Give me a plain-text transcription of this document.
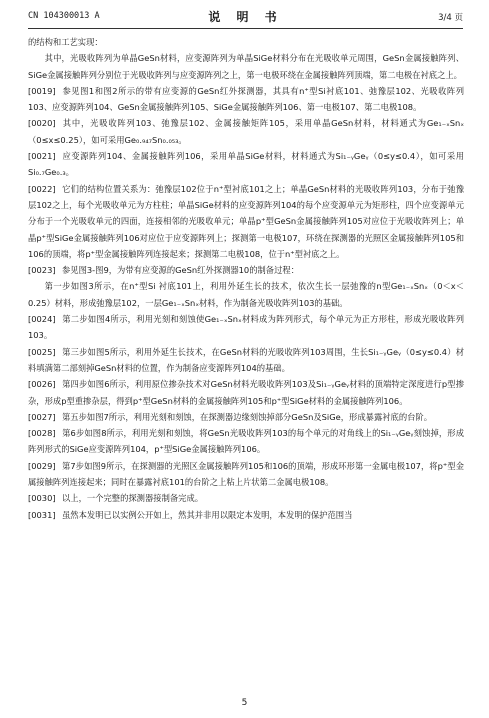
CN 104300013 A	说 明 书	3/4 页

的结构和工艺实现：

其中，光吸收阵列为单晶GeSn材料，应变源阵列为单晶SiGe材料分布在光吸收单元周围，GeSn金属接触阵列、SiGe金属接触阵列分别位于光吸收阵列与应变源阵列之上，第一电极环绕在金属接触阵列顶端，第二电极在衬底之上。

[0019] 参见图1和图2所示的带有应变源的GeSn红外探测器，其具有n⁺型Si衬底101、弛豫层102、光吸收阵列103、应变源阵列104、GeSn金属接触阵列105、SiGe金属接触阵列106、第一电极107、第二电极108。

[0020] 其中，光吸收阵列103、弛豫层102、金属接触矩阵105，采用单晶GeSn材料，材料通式为Ge₁₋ₓSnₓ（0≤x≤0.25），如可采用Ge₀.₉₄₇Sn₀.₀₅₃。

[0021] 应变源阵列104、金属接触阵列106，采用单晶SiGe材料，材料通式为Si₁₋ᵧGeᵧ（0≤y≤0.4），如可采用Si₀.₇Ge₀.₃。

[0022] 它们的结构位置关系为：弛豫层102位于n⁺型衬底101之上；单晶GeSn材料的光吸收阵列103，分布于弛豫层102之上，每个光吸收单元为方柱柱；单晶SiGe材料的应变源阵列104的每个应变源单元为矩形柱，四个应变源单元分布于一个光吸收单元的四面，连接相邻的光吸收单元；单晶p⁺型GeSn金属接触阵列105对应位于光吸收阵列上；单晶p⁺型SiGe金属接触阵列106对应位于应变源阵列上；探测第一电极107，环绕在探测器的光照区金属接触阵列105和106的顶端，将p⁺型金属接触阵列连接起来；探测第二电极108，位于n⁺型衬底之上。

[0023] 参见图3-图9，为带有应变源的GeSn红外探测器10的制备过程：

第一步如图3所示，在n⁺型Si 衬底101上，利用外延生长的技术，依次生长一层弛豫的n型Ge₁₋ₓSnₓ（0＜x＜0.25）材料，形成弛豫层102，一层Ge₁₋ₓSnₓ材料，作为制备光吸收阵列103的基础。

[0024] 第二步如图4所示，利用光刻和刻蚀使Ge₁₋ₓSnₓ材料成为阵列形式，每个单元为正方形柱，形成光吸收阵列103。

[0025] 第三步如图5所示，利用外延生长技术，在GeSn材料的光吸收阵列103周围，生长Si₁₋ᵧGeᵧ（0≤y≤0.4）材料填满第二部刻掉GeSn材料的位置，作为制备应变源阵列104的基础。

[0026] 第四步如图6所示，利用原位掺杂技术对GeSn材料光吸收阵列103及Si₁₋ᵧGeᵧ材料的顶端特定深度进行p型掺杂，形成p型重掺杂层，得到p⁺型GeSn材料的金属接触阵列105和p⁺型SiGe材料的金属接触阵列106。

[0027] 第五步如图7所示，利用光刻和刻蚀，在探测器边缘刻蚀掉部分GeSn及SiGe，形成暴露衬底的台阶。

[0028] 第6步如图8所示，利用光刻和刻蚀，将GeSn光吸收阵列103的每个单元的对角线上的Si₁₋ᵧGeᵧ刻蚀掉，形成阵列形式的SiGe应变源阵列104，p⁺型SiGe金属接触阵列106。

[0029] 第7步如图9所示，在探测器的光照区金属接触阵列105和106的顶端，形成环形第一金属电极107，将p⁺型金属接触阵列连接起来；同时在暴露衬底101的台阶之上粘上片状第二金属电极108。

[0030] 以上，一个完整的探测器接制备完成。

[0031] 虽然本发明已以实例公开如上，然其并非用以限定本发明，本发明的保护范围当

5
